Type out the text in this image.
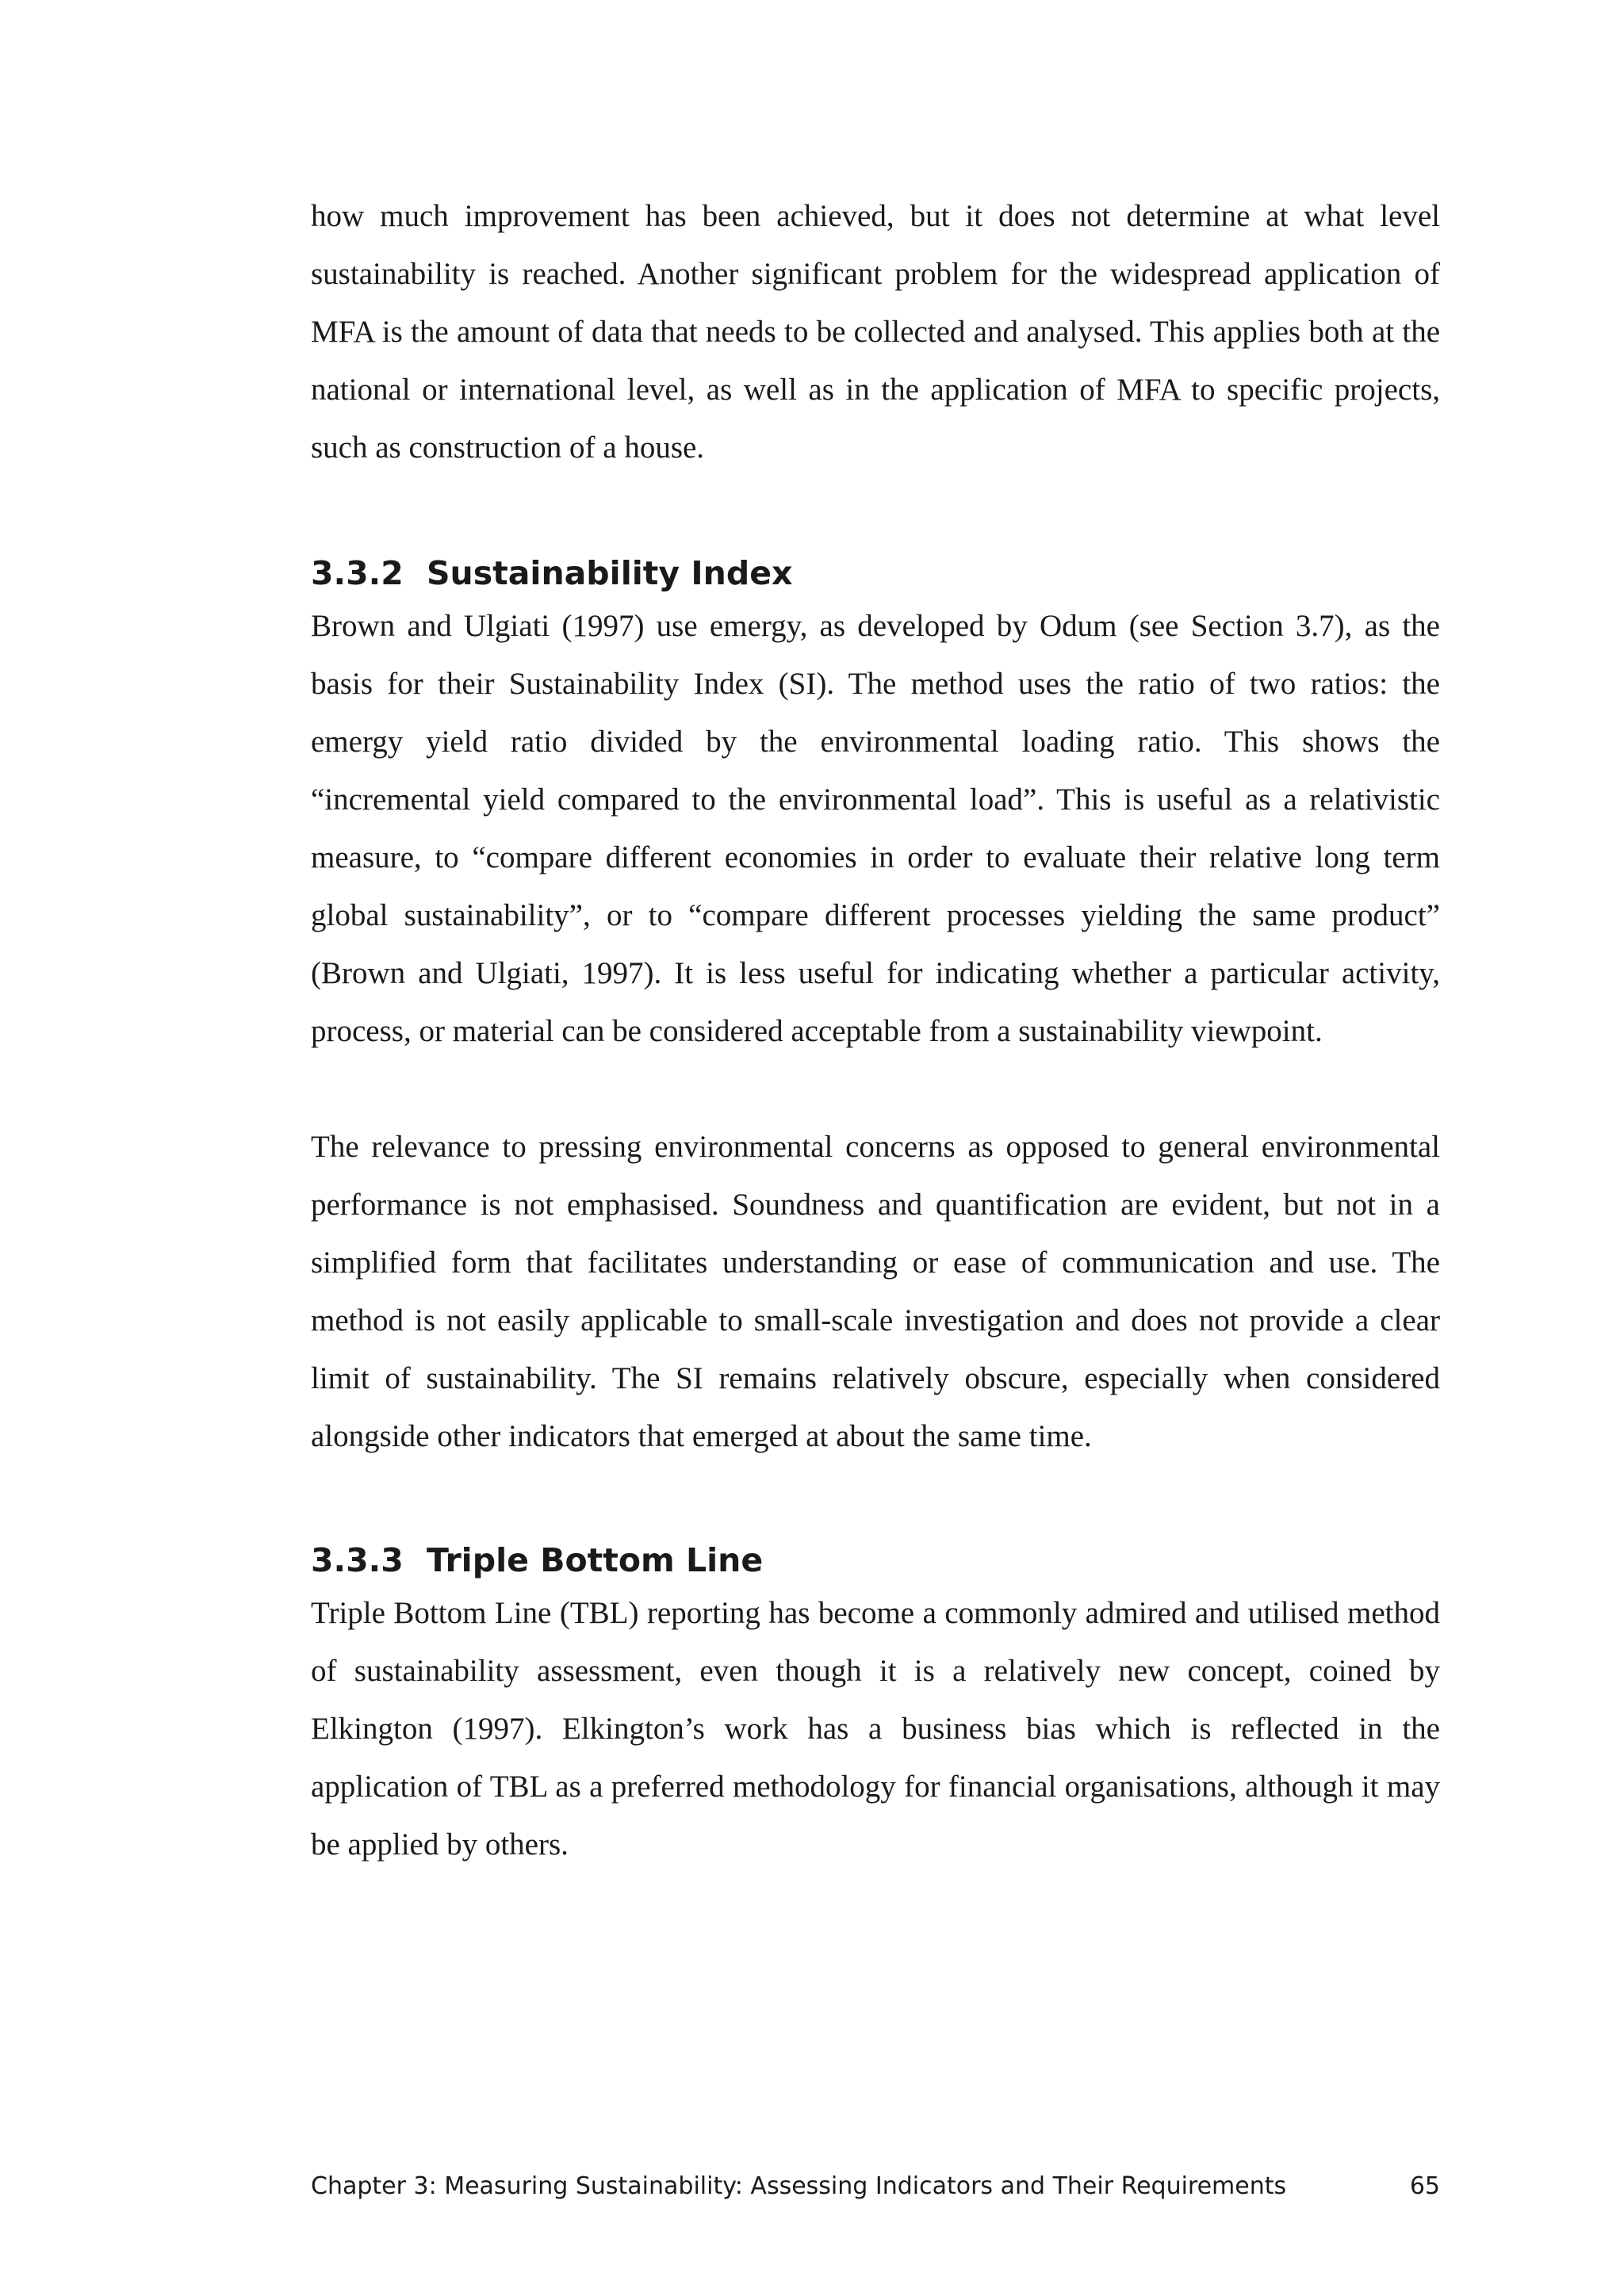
how much improvement has been achieved, but it does not determine at what level sustainability is reached. Another significant problem for the widespread application of MFA is the amount of data that needs to be collected and analysed. This applies both at the national or international level, as well as in the application of MFA to specific projects, such as construction of a house.

3.3.2 Sustainability Index

Brown and Ulgiati (1997) use emergy, as developed by Odum (see Section 3.7), as the basis for their Sustainability Index (SI). The method uses the ratio of two ratios: the emergy yield ratio divided by the environmental loading ratio. This shows the “incremental yield compared to the environmental load”. This is useful as a relativistic measure, to “compare different economies in order to evaluate their relative long term global sustainability”, or to “compare different processes yielding the same product” (Brown and Ulgiati, 1997). It is less useful for indicating whether a particular activity, process, or material can be considered acceptable from a sustainability viewpoint.

The relevance to pressing environmental concerns as opposed to general environmental performance is not emphasised. Soundness and quantification are evident, but not in a simplified form that facilitates understanding or ease of communication and use. The method is not easily applicable to small-scale investigation and does not provide a clear limit of sustainability. The SI remains relatively obscure, especially when considered alongside other indicators that emerged at about the same time.

3.3.3 Triple Bottom Line

Triple Bottom Line (TBL) reporting has become a commonly admired and utilised method of sustainability assessment, even though it is a relatively new concept, coined by Elkington (1997). Elkington’s work has a business bias which is reflected in the application of TBL as a preferred methodology for financial organisations, although it may be applied by others.

Chapter 3: Measuring Sustainability: Assessing Indicators and Their Requirements	65
